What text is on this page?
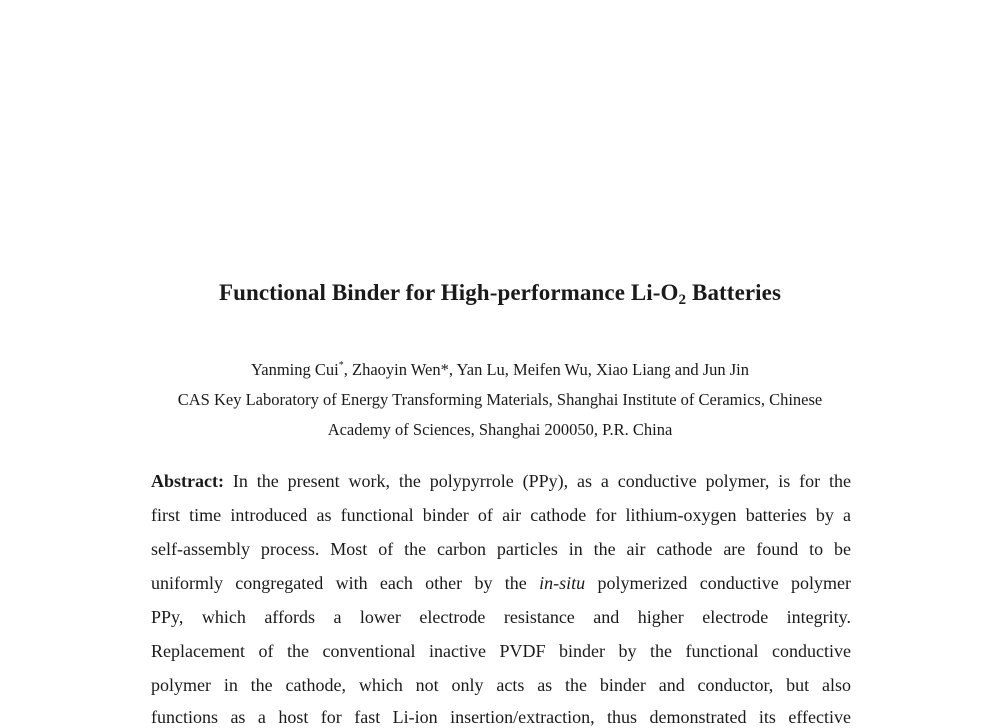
Functional Binder for High-performance $Li-O_2$ Batteries
Yanming Cui*, Zhaoyin Wen*, Yan Lu, Meifen Wu, Xiao Liang and Jun Jin
CAS Key Laboratory of Energy Transforming Materials, Shanghai Institute of Ceramics, Chinese
Academy of Sciences, Shanghai 200050, P.R. China
Abstract: In the present work, the polypyrrole (PPy), as a conductive polymer, is for the
first time introduced as functional binder of air cathode for lithium-oxygen batteries by a
self-assembly process. Most of the carbon particles in the air cathode are found to be
uniformly congregated with each other by the in-situ polymerized conductive polymer
PPy, which affords a lower electrode resistance and higher electrode integrity.
Replacement of the conventional inactive PVDF binder by the functional conductive
polymer in the cathode, which not only acts as the binder and conductor, but also
functions as a host for fast Li-ion insertion/extraction, thus demonstrated its effective
